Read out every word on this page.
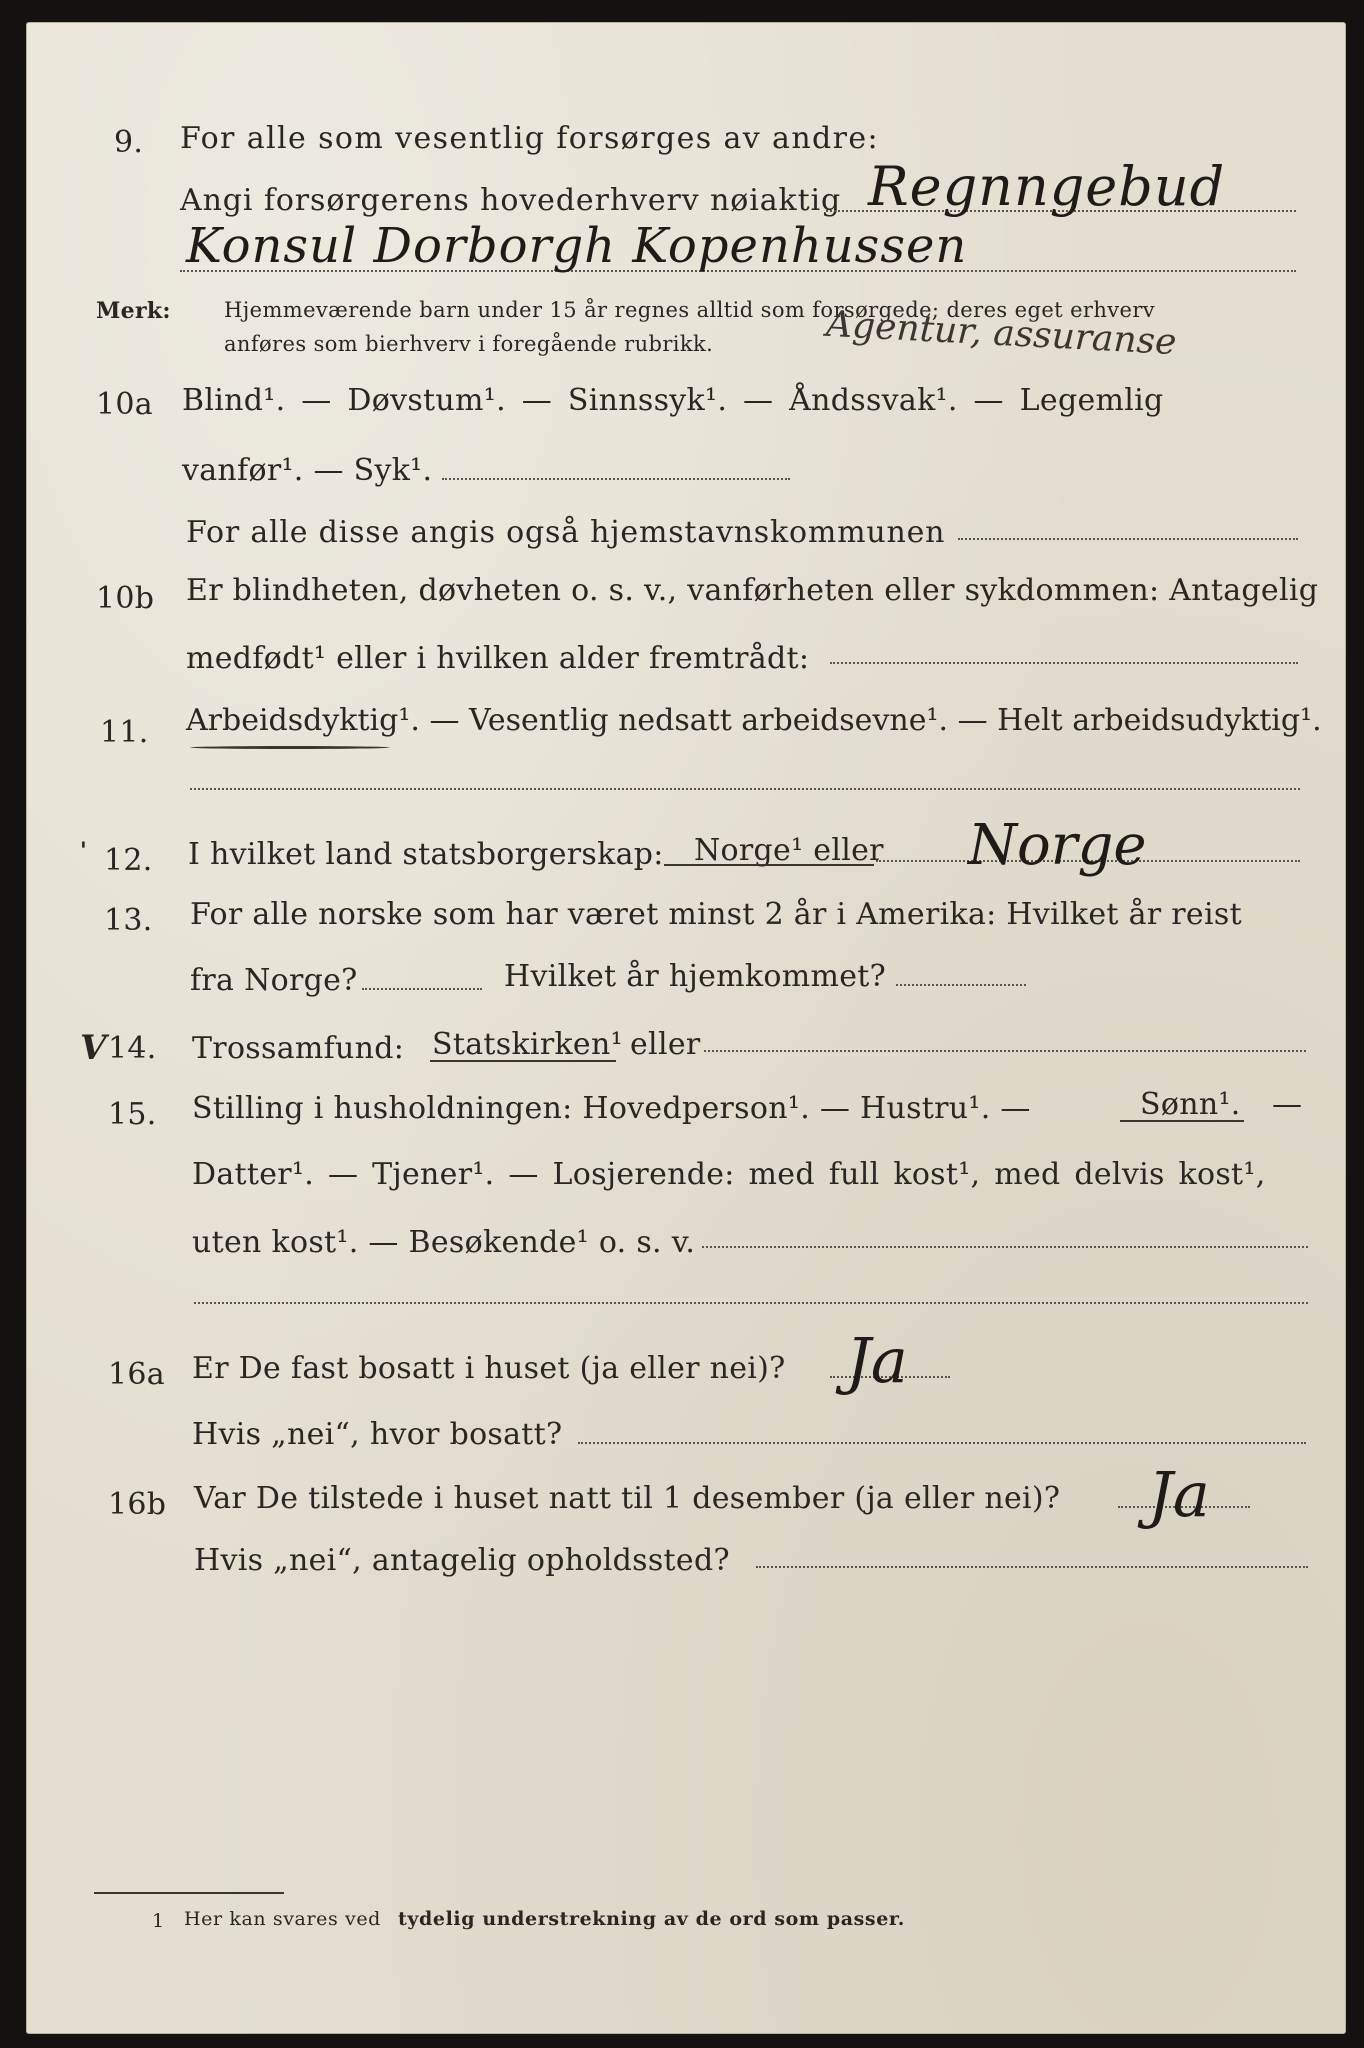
9. For alle som vesentlig forsørges av andre:
Angi forsørgerens hovederhverv nøiaktig Regnngebud
Konsul Dorborgh Kopenhussen
Merk:	Hjemmeværende barn under 15 år regnes alltid som forsørgede; deres eget erhverv
anføres som bierhverv i foregående rubrikk.	Agentur, assuranse
10a Blind¹. — Døvstum¹. — Sinnssyk¹. — Åndssvak¹. — Legemlig
vanfør¹. — Syk¹.
For alle disse angis også hjemstavnskommunen
10b Er blindheten, døvheten o. s. v., vanførheten eller sykdommen: Antagelig
medfødt¹ eller i hvilken alder fremtrådt:
11. Arbeidsdyktig¹. — Vesentlig nedsatt arbeidsevne¹. — Helt arbeidsudyktig¹.
' 12. I hvilket land statsborgerskap: Norge¹ eller Norge
13. For alle norske som har været minst 2 år i Amerika: Hvilket år reist
fra Norge?	Hvilket år hjemkommet?
V 14. Trossamfund: Statskirken¹ eller
15. Stilling i husholdningen: Hovedperson¹. — Hustru¹. —	Sønn¹. —
Datter¹. — Tjener¹. — Losjerende: med full kost¹, med delvis kost¹,
uten kost¹. — Besøkende¹ o. s. v.
16a Er De fast bosatt i huset (ja eller nei)? Ja
Hvis „nei“, hvor bosatt?
16b Var De tilstede i huset natt til 1 desember (ja eller nei)? Ja
Hvis „nei“, antagelig opholdssted?
1 Her kan svares ved tydelig understrekning av de ord som passer.
